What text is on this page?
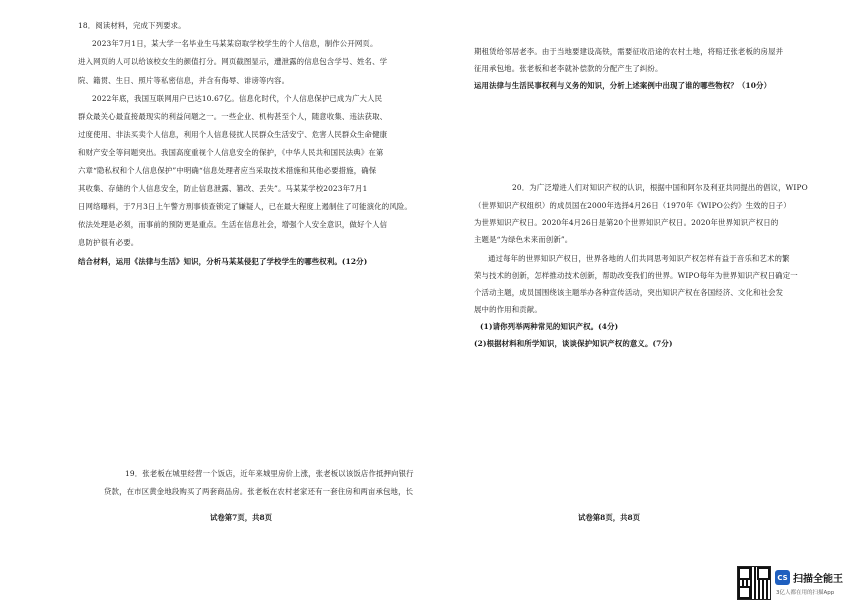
18．阅读材料，完成下列要求。
2023年7月1日，某大学一名毕业生马某某窃取学校学生的个人信息，制作公开网页。
进入网页的人可以给该校女生的颜值打分。网页截图显示，遭泄露的信息包含学号、姓名、学
院、籍贯、生日、照片等私密信息，并含有侮辱、诽谤等内容。
2022年底，我国互联网用户已达10.67亿。信息化时代，个人信息保护已成为广大人民
群众最关心最直接最现实的利益问题之一。一些企业、机构甚至个人，随意收集、违法获取、
过度使用、非法买卖个人信息，利用个人信息侵扰人民群众生活安宁、危害人民群众生命健康
和财产安全等问题突出。我国高度重视个人信息安全的保护，《中华人民共和国民法典》在第
六章“隐私权和个人信息保护”中明确“信息处理者应当采取技术措施和其他必要措施，确保
其收集、存储的个人信息安全，防止信息泄露、篡改、丢失”。马某某学校2023年7月1
日网络曝料，于7月3日上午警方刑事侦查锁定了嫌疑人，已在最大程度上遏制住了可能演化的风险。
依法处理是必须，而事前的预防更是重点。生活在信息社会，增强个人安全意识，做好个人信
息防护很有必要。
结合材料，运用《法律与生活》知识，分析马某某侵犯了学校学生的哪些权利。(12分)
19．张老板在城里经营一个饭店，近年来城里房价上涨，张老板以该饭店作抵押向银行
贷款，在市区黄金地段购买了两套商品房。张老板在农村老家还有一套住房和两亩承包地，长
试卷第7页，共8页
期租赁给邻居老李。由于当地要建设高铁，需要征收沿途的农村土地，将赔迁张老板的房屋并
征用承包地。张老板和老李就补偿款的分配产生了纠纷。
运用法律与生活民事权利与义务的知识，分析上述案例中出现了谁的哪些物权？（10分）
20．为广泛增进人们对知识产权的认识，根据中国和阿尔及利亚共同提出的倡议，WIPO
（世界知识产权组织）的成员国在2000年选择4月26日（1970年《WIPO公约》生效的日子）
为世界知识产权日。2020年4月26日是第20个世界知识产权日。2020年世界知识产权日的
主题是“为绿色未来而创新”。
通过每年的世界知识产权日，世界各地的人们共同思考知识产权怎样有益于音乐和艺术的繁
荣与技术的创新，怎样推动技术创新，帮助改变我们的世界。WIPO每年为世界知识产权日确定一
个活动主题，成员国围绕该主题举办各种宣传活动，突出知识产权在各国经济、文化和社会发
展中的作用和贡献。
(1)请你列举两种常见的知识产权。(4分)
(2)根据材料和所学知识，谈谈保护知识产权的意义。(7分)
试卷第8页，共8页
CS 扫描全能王
3亿人都在用的扫描App
